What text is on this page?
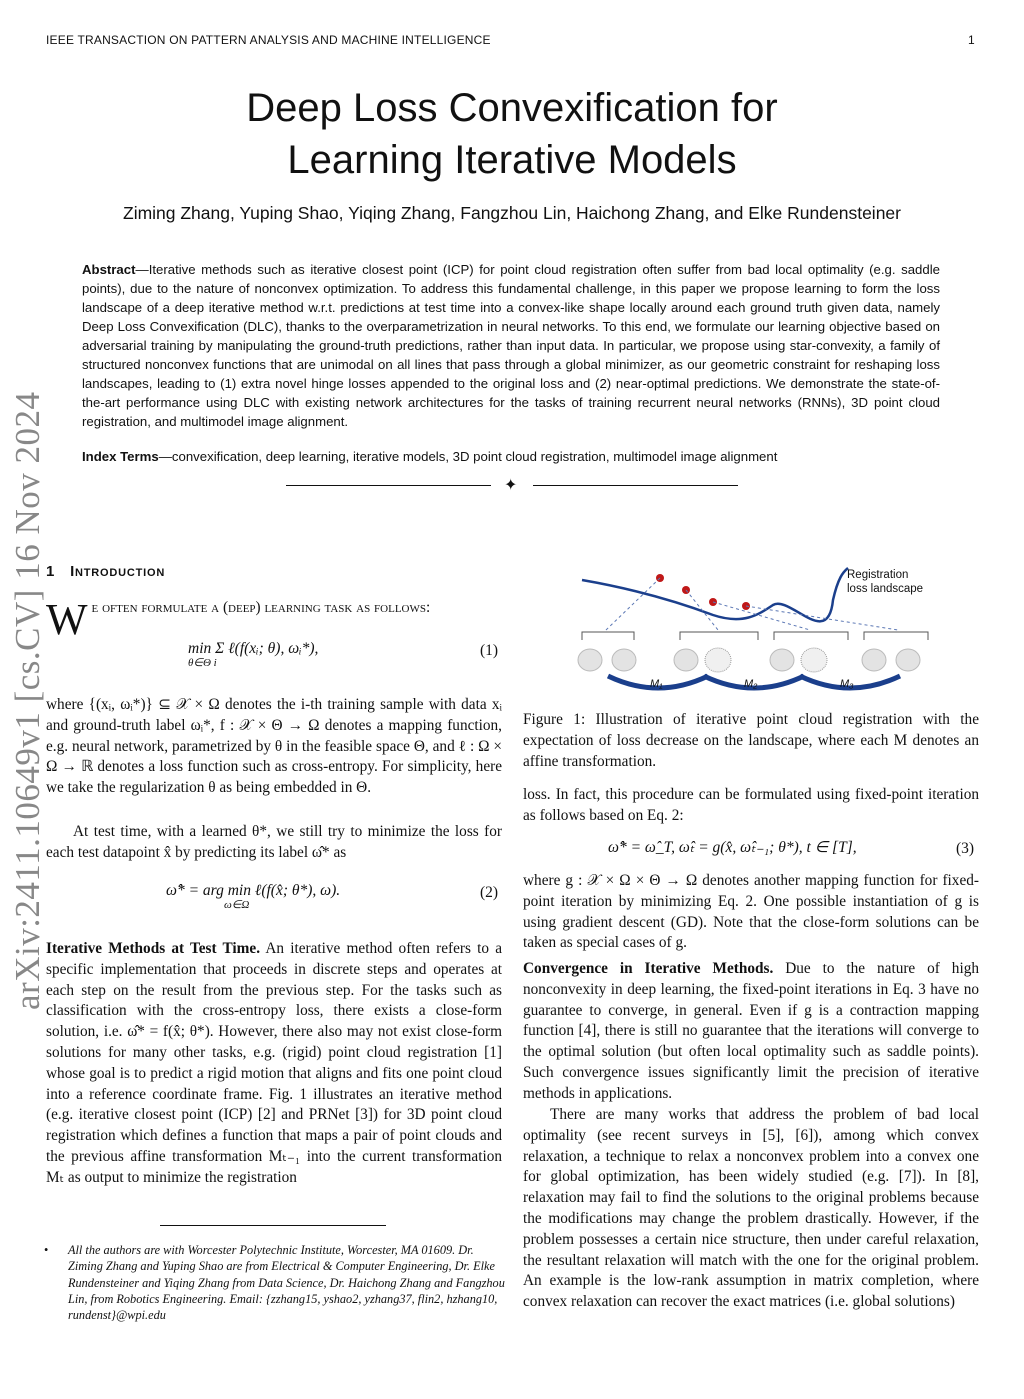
IEEE TRANSACTION ON PATTERN ANALYSIS AND MACHINE INTELLIGENCE	1
arXiv:2411.10649v1 [cs.CV] 16 Nov 2024
Deep Loss Convexification for
Learning Iterative Models
Ziming Zhang, Yuping Shao, Yiqing Zhang, Fangzhou Lin, Haichong Zhang, and Elke Rundensteiner
Abstract—Iterative methods such as iterative closest point (ICP) for point cloud registration often suffer from bad local optimality (e.g. saddle points), due to the nature of nonconvex optimization. To address this fundamental challenge, in this paper we propose learning to form the loss landscape of a deep iterative method w.r.t. predictions at test time into a convex-like shape locally around each ground truth given data, namely Deep Loss Convexification (DLC), thanks to the overparametrization in neural networks. To this end, we formulate our learning objective based on adversarial training by manipulating the ground-truth predictions, rather than input data. In particular, we propose using star-convexity, a family of structured nonconvex functions that are unimodal on all lines that pass through a global minimizer, as our geometric constraint for reshaping loss landscapes, leading to (1) extra novel hinge losses appended to the original loss and (2) near-optimal predictions. We demonstrate the state-of-the-art performance using DLC with existing network architectures for the tasks of training recurrent neural networks (RNNs), 3D point cloud registration, and multimodel image alignment.
Index Terms—convexification, deep learning, iterative models, 3D point cloud registration, multimodel image alignment
✦
1 Introduction
We often formulate a (deep) learning task as follows:
min Σ ℓ(f(xᵢ; θ), ωᵢ*),
θ∈Θ i
(1)
where {(xᵢ, ωᵢ*)} ⊆ 𝒳 × Ω denotes the i-th training sample with data xᵢ and ground-truth label ωᵢ*, f : 𝒳 × Θ → Ω denotes a mapping function, e.g. neural network, parametrized by θ in the feasible space Θ, and ℓ : Ω × Ω → ℝ denotes a loss function such as cross-entropy. For simplicity, here we take the regularization θ as being embedded in Θ.
At test time, with a learned θ*, we still try to minimize the loss for each test datapoint x̂ by predicting its label ω̂* as
ω̂* = arg min ℓ(f(x̂; θ*), ω).
ω∈Ω
(2)
Iterative Methods at Test Time. An iterative method often refers to a specific implementation that proceeds in discrete steps and operates at each step on the result from the previous step. For the tasks such as classification with the cross-entropy loss, there exists a close-form solution, i.e. ω̂* = f(x̂; θ*). However, there also may not exist close-form solutions for many other tasks, e.g. (rigid) point cloud registration [1] whose goal is to predict a rigid motion that aligns and fits one point cloud into a reference coordinate frame. Fig. 1 illustrates an iterative method (e.g. iterative closest point (ICP) [2] and PRNet [3]) for 3D point cloud registration which defines a function that maps a pair of point clouds and the previous affine transformation Mₜ₋₁ into the current transformation Mₜ as output to minimize the registration
• All the authors are with Worcester Polytechnic Institute, Worcester, MA 01609. Dr. Ziming Zhang and Yuping Shao are from Electrical & Computer Engineering, Dr. Elke Rundensteiner and Yiqing Zhang from Data Science, Dr. Haichong Zhang and Fangzhou Lin, from Robotics Engineering. Email: {zzhang15, yshao2, yzhang37, flin2, hzhang10, rundenst}@wpi.edu
Registration
loss landscape
M₁	M₂	M₃
Figure 1: Illustration of iterative point cloud registration with the expectation of loss decrease on the landscape, where each M denotes an affine transformation.
loss. In fact, this procedure can be formulated using fixed-point iteration as follows based on Eq. 2:
ω̂* = ω̂_T, ω̂ₜ = g(x̂, ω̂ₜ₋₁; θ*), t ∈ [T],	(3)
where g : 𝒳 × Ω × Θ → Ω denotes another mapping function for fixed-point iteration by minimizing Eq. 2. One possible instantiation of g is using gradient descent (GD). Note that the close-form solutions can be taken as special cases of g.
Convergence in Iterative Methods. Due to the nature of high nonconvexity in deep learning, the fixed-point iterations in Eq. 3 have no guarantee to converge, in general. Even if g is a contraction mapping function [4], there is still no guarantee that the iterations will converge to the optimal solution (but often local optimality such as saddle points). Such convergence issues significantly limit the precision of iterative methods in applications.
There are many works that address the problem of bad local optimality (see recent surveys in [5], [6]), among which convex relaxation, a technique to relax a nonconvex problem into a convex one for global optimization, has been widely studied (e.g. [7]). In [8], relaxation may fail to find the solutions to the original problems because the modifications may change the problem drastically. However, if the problem possesses a certain nice structure, then under careful relaxation, the resultant relaxation will match with the one for the original problem. An example is the low-rank assumption in matrix completion, where convex relaxation can recover the exact matrices (i.e. global solutions)
